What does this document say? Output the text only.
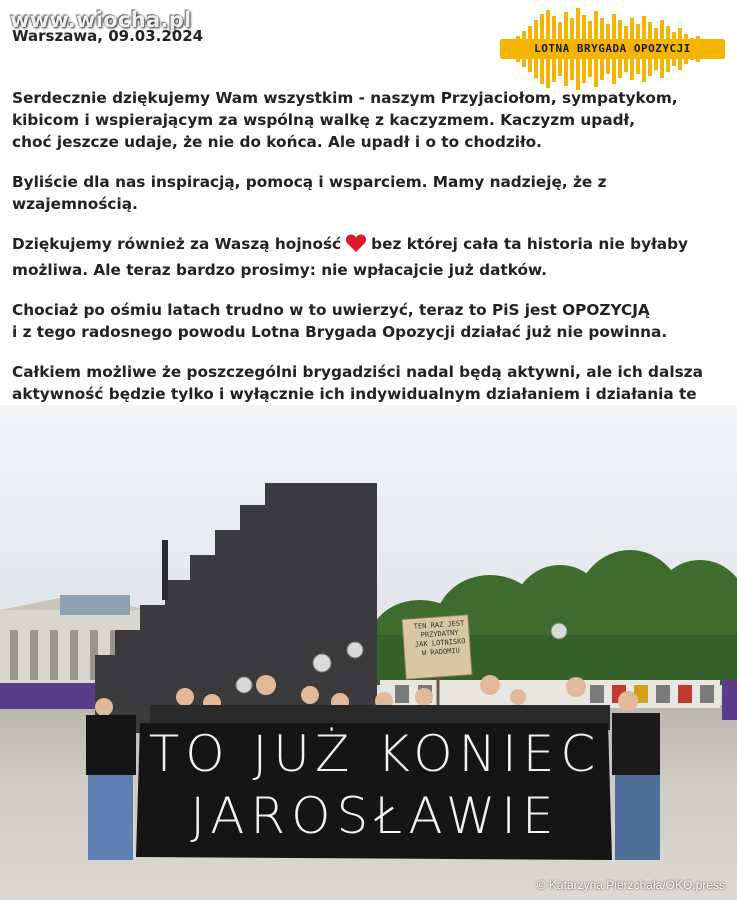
www.wiocha.pl
Warszawa, 09.03.2024
LOTNA BRYGADA OPOZYCJI

Serdecznie dziękujemy Wam wszystkim - naszym Przyjaciołom, sympatykom,
kibicom i wspierającym za wspólną walkę z kaczyzmem. Kaczyzm upadł,
choć jeszcze udaje, że nie do końca. Ale upadł i o to chodziło.

Byliście dla nas inspiracją, pomocą i wsparciem. Mamy nadzieję, że z wzajemnością.

Dziękujemy również za Waszą hojność bez której cała ta historia nie byłaby
możliwa. Ale teraz bardzo prosimy: nie wpłacajcie już datków.

Chociaż po ośmiu latach trudno w to uwierzyć, teraz to PiS jest OPOZYCJĄ
i z tego radosnego powodu Lotna Brygada Opozycji działać już nie powinna.

Całkiem możliwe że poszczególni brygadziści nadal będą aktywni, ale ich dalsza
aktywność będzie tylko i wyłącznie ich indywidualnym działaniem i działania te

TEN RAZ JEST
PRZYDATNY
JAK LOTNISKO
W RADOMIU
TO JUŻ KONIEC
JAROSŁAWIE
© Katarzyna Pierzchała/OKO.press
